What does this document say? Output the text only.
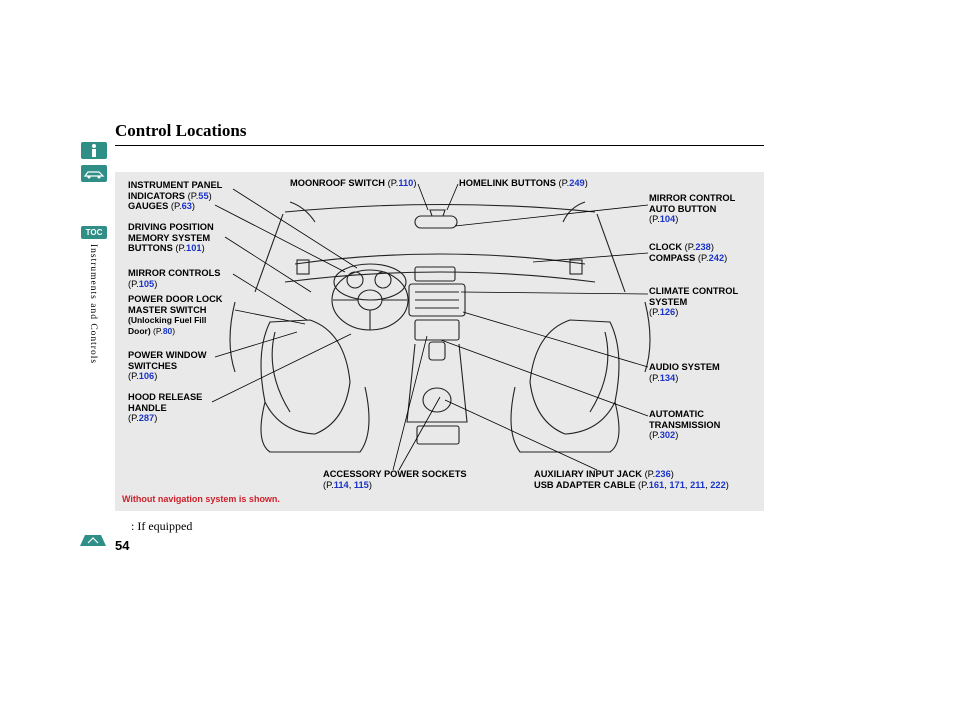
TOC
Instruments and Controls
Control Locations
INSTRUMENT PANEL
INDICATORS (P.55)
GAUGES (P.63)
MOONROOF SWITCH (P.110)	HOMELINK BUTTONS (P.249)
MIRROR CONTROL
AUTO BUTTON
(P.104)
DRIVING POSITION
MEMORY SYSTEM
BUTTONS (P.101)	CLOCK (P.238)
COMPASS (P.242)
MIRROR CONTROLS
(P.105)
CLIMATE CONTROL
SYSTEM
(P.126)
POWER DOOR LOCK
MASTER SWITCH
(Unlocking Fuel Fill
Door) (P.80)
POWER WINDOW
SWITCHES
(P.106)
AUDIO SYSTEM
(P.134)
HOOD RELEASE
HANDLE
(P.287)	AUTOMATIC
TRANSMISSION
(P.302)
ACCESSORY POWER SOCKETS
(P.114, 115)
AUXILIARY INPUT JACK (P.236)
USB ADAPTER CABLE (P.161, 171, 211, 222)
Without navigation system is shown.
: If equipped
54
